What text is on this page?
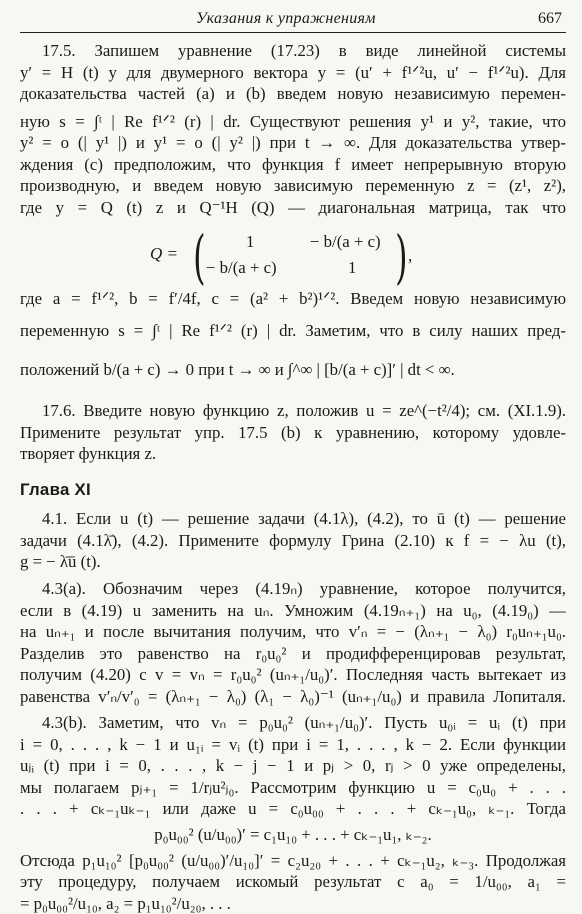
Указания к упражнениям	667
17.5. Запишем уравнение (17.23) в виде линейной системы
y′ = H (t) y для двумерного вектора y = (u′ + f¹ᐟ²u, u′ − f¹ᐟ²u). Для
доказательства частей (a) и (b) введем новую независимую перемен-
ную s = ∫ᵗ | Re f¹ᐟ² (r) | dr. Существуют решения y¹ и y², такие, что
y² = o (| y¹ |) и y¹ = o (| y² |) при t → ∞. Для доказательства утвер-
ждения (c) предположим, что функция f имеет непрерывную вторую
производную, и введем новую зависимую переменную z = (z¹, z²),
где y = Q (t) z и Q⁻¹H (Q) — диагональная матрица, так что
Q = ( 1	− b/(a + c)
− b/(a + c)	1 ) ,
где a = f¹ᐟ², b = f′/4f, c = (a² + b²)¹ᐟ². Введем новую независимую
переменную s = ∫ᵗ | Re f¹ᐟ² (r) | dr. Заметим, что в силу наших пред-
положений b/(a + c) → 0 при t → ∞ и ∫^∞ | [b/(a + c)]′ | dt < ∞.
17.6. Введите новую функцию z, положив u = ze^(−t²/4); см. (XI.1.9).
Примените результат упр. 17.5 (b) к уравнению, которому удовле-
творяет функция z.
Глава XI
4.1. Если u (t) — решение задачи (4.1λ), (4.2), то ū (t) — решение
задачи (4.1λ̄), (4.2). Примените формулу Грина (2.10) к f = − λu (t),
g = − λ̄ū (t).
4.3(a). Обозначим через (4.19ₙ) уравнение, которое получится,
если в (4.19) u заменить на uₙ. Умножим (4.19ₙ₊₁) на u₀, (4.19₀) —
на uₙ₊₁ и после вычитания получим, что v′ₙ = − (λₙ₊₁ − λ₀) r₀uₙ₊₁u₀.
Разделив это равенство на r₀u₀² и продифференцировав результат,
получим (4.20) с v = vₙ = r₀u₀² (uₙ₊₁/u₀)′. Последняя часть вытекает из
равенства v′ₙ/v′₀ = (λₙ₊₁ − λ₀) (λ₁ − λ₀)⁻¹ (uₙ₊₁/u₀) и правила Лопиталя.
4.3(b). Заметим, что vₙ = p₀u₀² (uₙ₊₁/u₀)′. Пусть u₀ᵢ = uᵢ (t) при
i = 0, . . . , k − 1 и u₁ᵢ = vᵢ (t) при i = 1, . . . , k − 2. Если функции
uⱼᵢ (t) при i = 0, . . . , k − j − 1 и pⱼ > 0, rⱼ > 0 уже определены,
мы полагаем pⱼ₊₁ = 1/rⱼu²ⱼ₀. Рассмотрим функцию u = c₀u₀ + . . .
. . . + cₖ₋₁uₖ₋₁ или даже u = c₀u₀₀ + . . . + cₖ₋₁u₀, ₖ₋₁. Тогда
p₀u₀₀² (u/u₀₀)′ = c₁u₁₀ + . . . + cₖ₋₁u₁, ₖ₋₂.
Отсюда p₁u₁₀² [p₀u₀₀² (u/u₀₀)′/u₁₀]′ = c₂u₂₀ + . . . + cₖ₋₁u₂, ₖ₋₃. Продолжая
эту процедуру, получаем искомый результат с a₀ = 1/u₀₀, a₁ =
= p₀u₀₀²/u₁₀, a₂ = p₁u₁₀²/u₂₀, . . .
